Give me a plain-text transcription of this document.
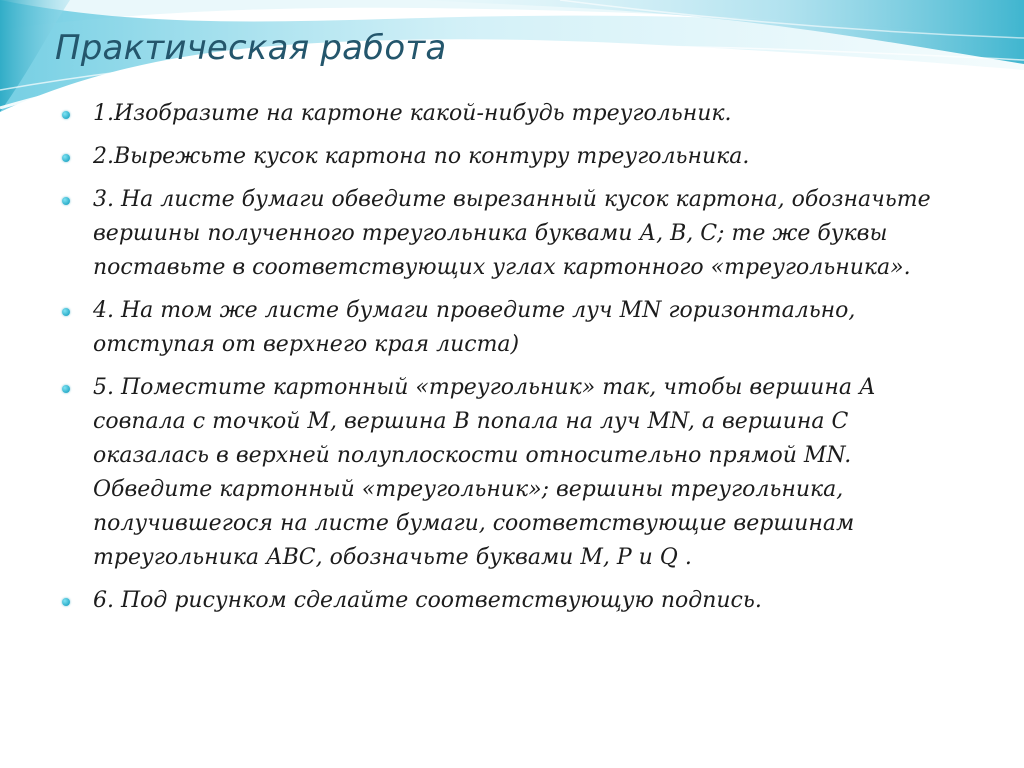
Практическая работа
1.Изобразите на картоне какой-нибудь треугольник.
2.Вырежьте кусок картона по контуру треугольника.
3. На листе бумаги обведите вырезанный кусок картона, обозначьте вершины полученного треугольника буквами А, В, С; те же буквы поставьте в соответствующих углах картонного «треугольника».
4. На том же листе бумаги проведите луч MN горизонтально, отступая от верхнего края листа)
5. Поместите картонный «треугольник» так, чтобы вершина А совпала с точкой М, вершина В попала на луч MN, а вершина С оказалась в верхней полуплоскости относительно прямой MN. Обведите картонный «треугольник»; вершины треугольника, получившегося на листе бумаги, соответствующие вершинам треугольника АВС, обозначьте буквами М, Р и Q .
6. Под рисунком сделайте соответствующую подпись.
